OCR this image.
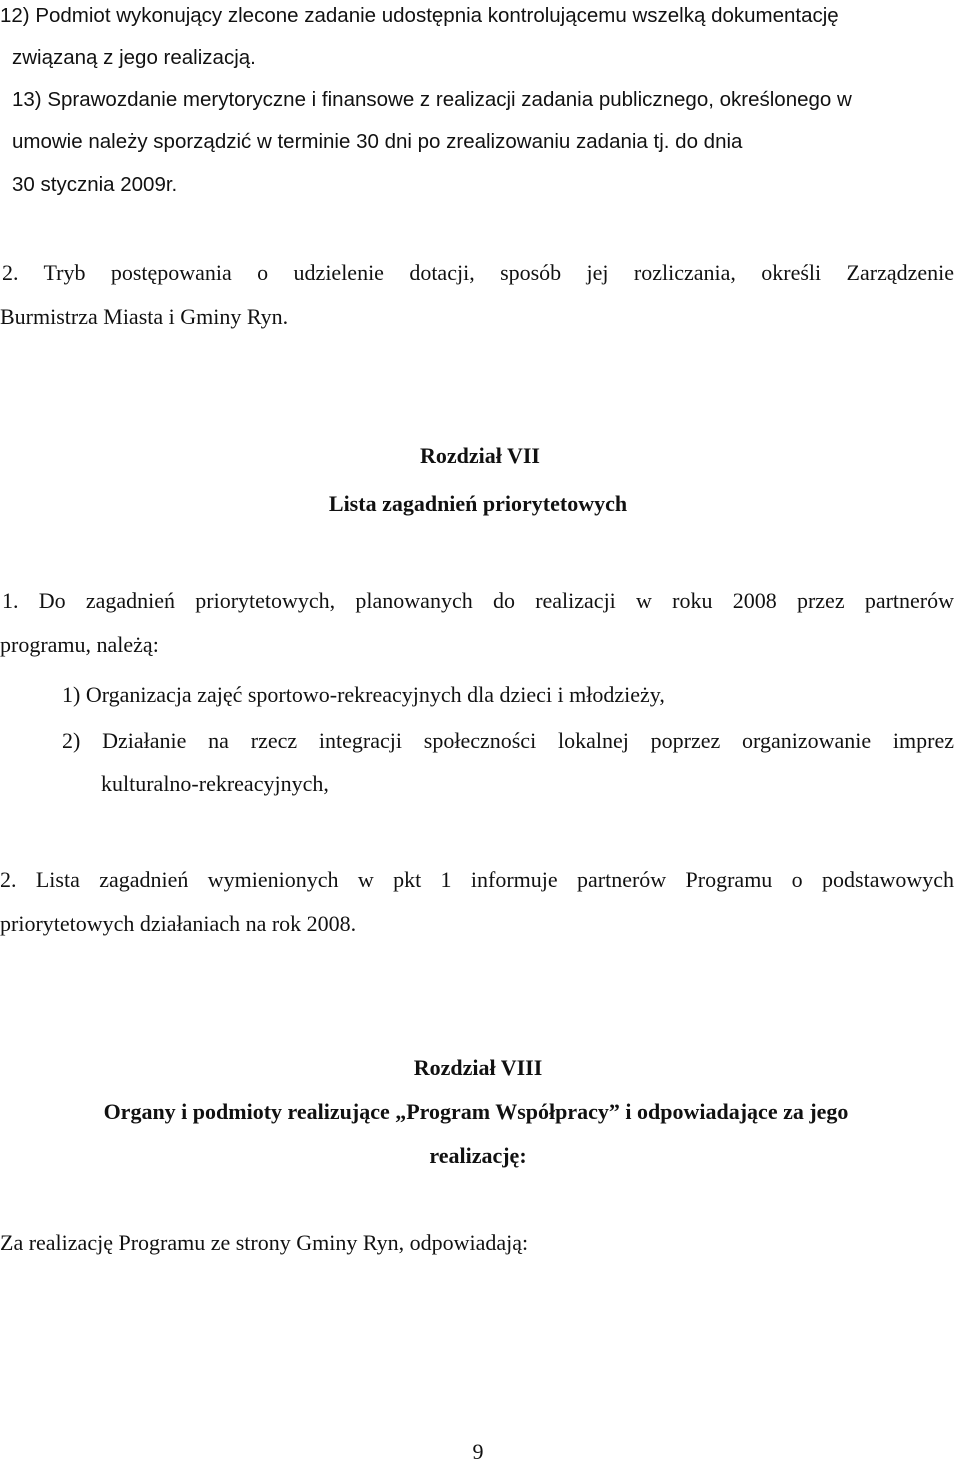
12) Podmiot wykonujący zlecone zadanie udostępnia kontrolującemu wszelką dokumentację
związaną z jego realizacją.
13) Sprawozdanie merytoryczne i finansowe z realizacji zadania publicznego, określonego w
umowie należy sporządzić w terminie 30 dni po zrealizowaniu zadania tj. do dnia
30 stycznia 2009r.
2. Tryb postępowania o udzielenie dotacji, sposób jej rozliczania, określi Zarządzenie
Burmistrza Miasta i Gminy Ryn.
Rozdział VII
Lista zagadnień priorytetowych
1. Do zagadnień priorytetowych, planowanych do realizacji w roku 2008 przez partnerów
programu, należą:
1) Organizacja zajęć sportowo-rekreacyjnych dla dzieci i młodzieży,
2) Działanie na rzecz integracji społeczności lokalnej poprzez organizowanie imprez
kulturalno-rekreacyjnych,
2. Lista zagadnień wymienionych w pkt 1 informuje partnerów Programu o podstawowych
priorytetowych działaniach na rok 2008.
Rozdział VIII
Organy i podmioty realizujące „Program Współpracy” i odpowiadające za jego
realizację:
Za realizację Programu ze strony Gminy Ryn, odpowiadają:
9
